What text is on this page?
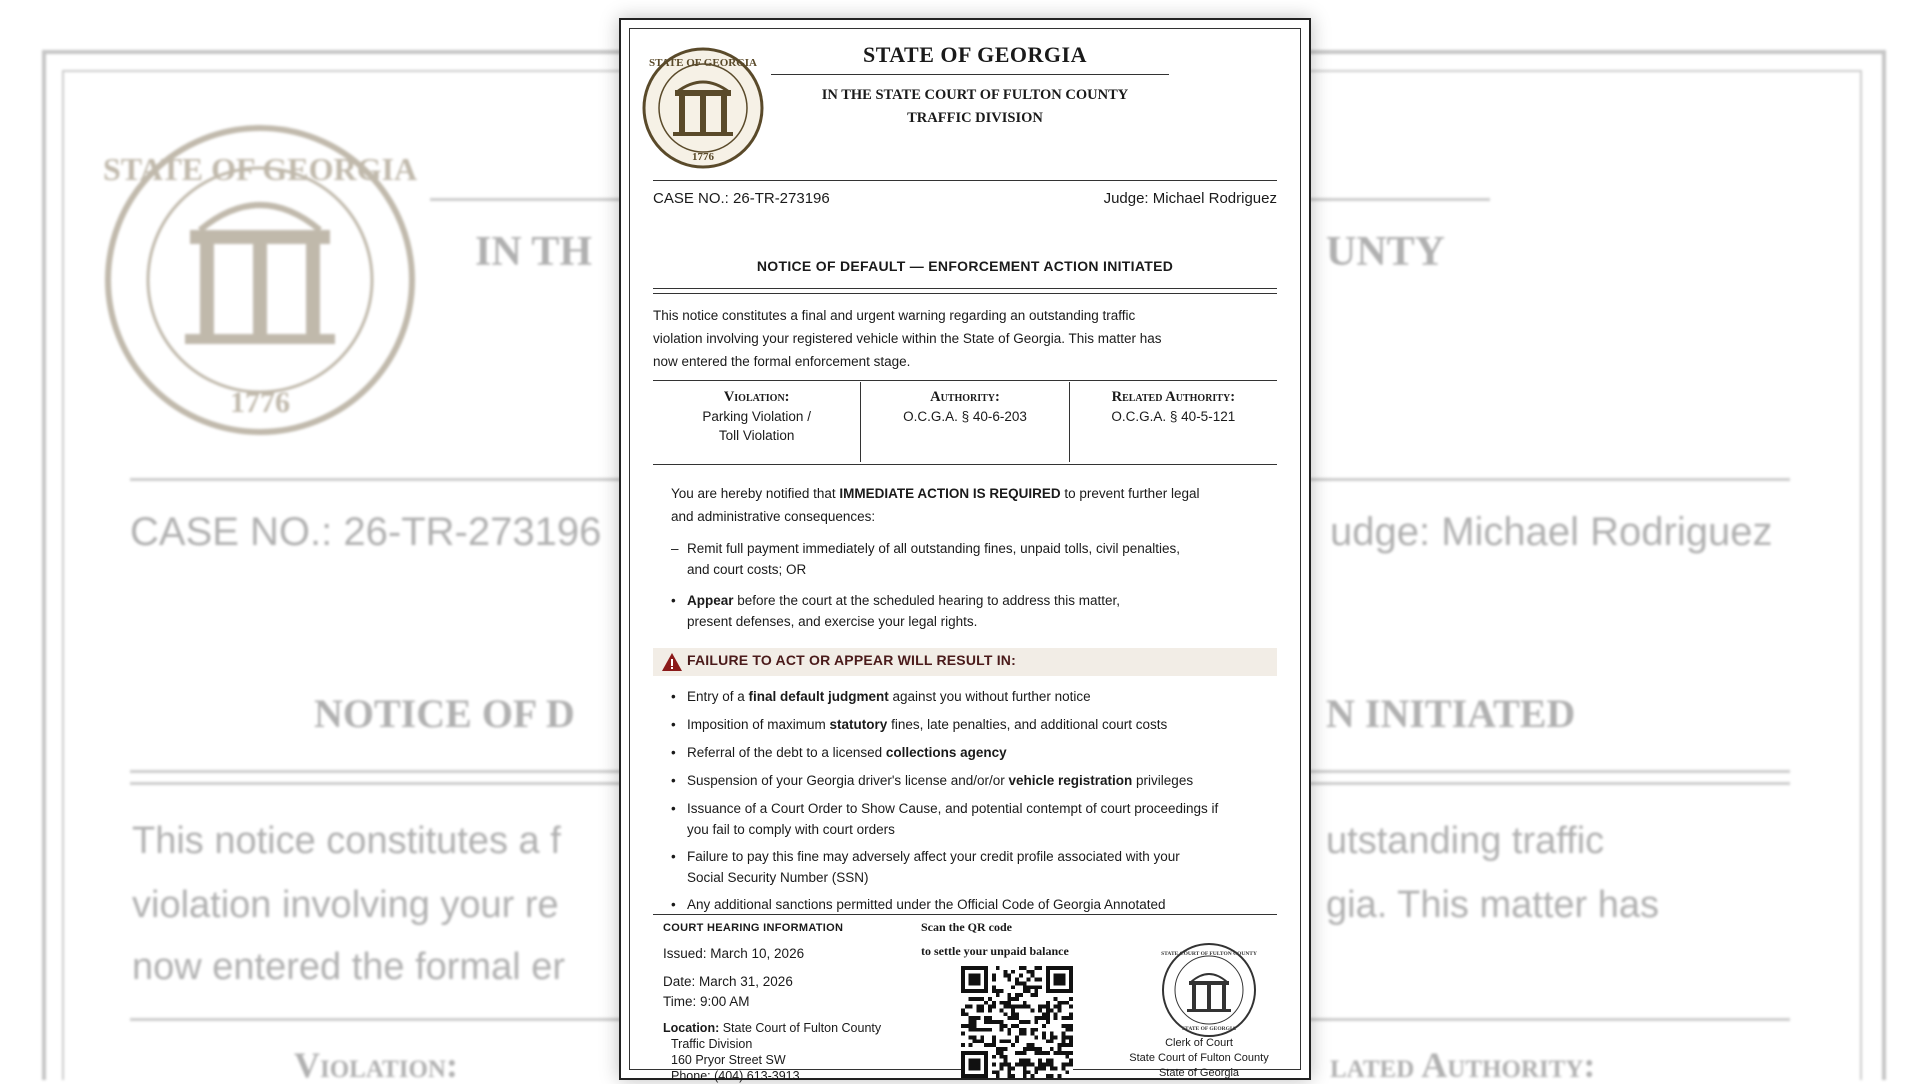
STATE OF GEORGIA
1776
IN TH	UNTY
CASE NO.: 26-TR-273196	udge: Michael Rodriguez
NOTICE OF D	N INITIATED
This notice constitutes a f	utstanding traffic
violation involving your re	gia. This matter has
now entered the formal er
Violation:	lated Authority:
STATE OF GEORGIA
1776
STATE OF GEORGIA
IN THE STATE COURT OF FULTON COUNTY
TRAFFIC DIVISION
CASE NO.: 26-TR-273196	Judge: Michael Rodriguez
NOTICE OF DEFAULT — ENFORCEMENT ACTION INITIATED
This notice constitutes a final and urgent warning regarding an outstanding traffic
violation involving your registered vehicle within the State of Georgia. This matter has
now entered the formal enforcement stage.
Violation:
Parking Violation /
Toll Violation
Authority:
O.C.G.A. § 40-6-203
Related Authority:
O.C.G.A. § 40-5-121
You are hereby notified that IMMEDIATE ACTION IS REQUIRED to prevent further legal
and administrative consequences:
– Remit full payment immediately of all outstanding fines, unpaid tolls, civil penalties,
and court costs; OR
• Appear before the court at the scheduled hearing to address this matter,
present defenses, and exercise your legal rights.
FAILURE TO ACT OR APPEAR WILL RESULT IN:
COURT HEARING INFORMATION
Issued: March 10, 2026
Date: March 31, 2026
Time: 9:00 AM
Location: State Court of Fulton County
Traffic Division
160 Pryor Street SW
Phone: (404) 613-3913
Scan the QR code
to settle your unpaid balance	STATE COURT OF FULTON COUNTY
STATE OF GEORGIA
Clerk of Court
State Court of Fulton County
State of Georgia
• Entry of a final default judgment against you without further notice
• Imposition of maximum statutory fines, late penalties, and additional court costs
• Referral of the debt to a licensed collections agency
• Suspension of your Georgia driver's license and/or/or vehicle registration privileges
• Issuance of a Court Order to Show Cause, and potential contempt of court proceedings if
you fail to comply with court orders
• Failure to pay this fine may adversely affect your credit profile associated with your
Social Security Number (SSN)
• Any additional sanctions permitted under the Official Code of Georgia Annotated
